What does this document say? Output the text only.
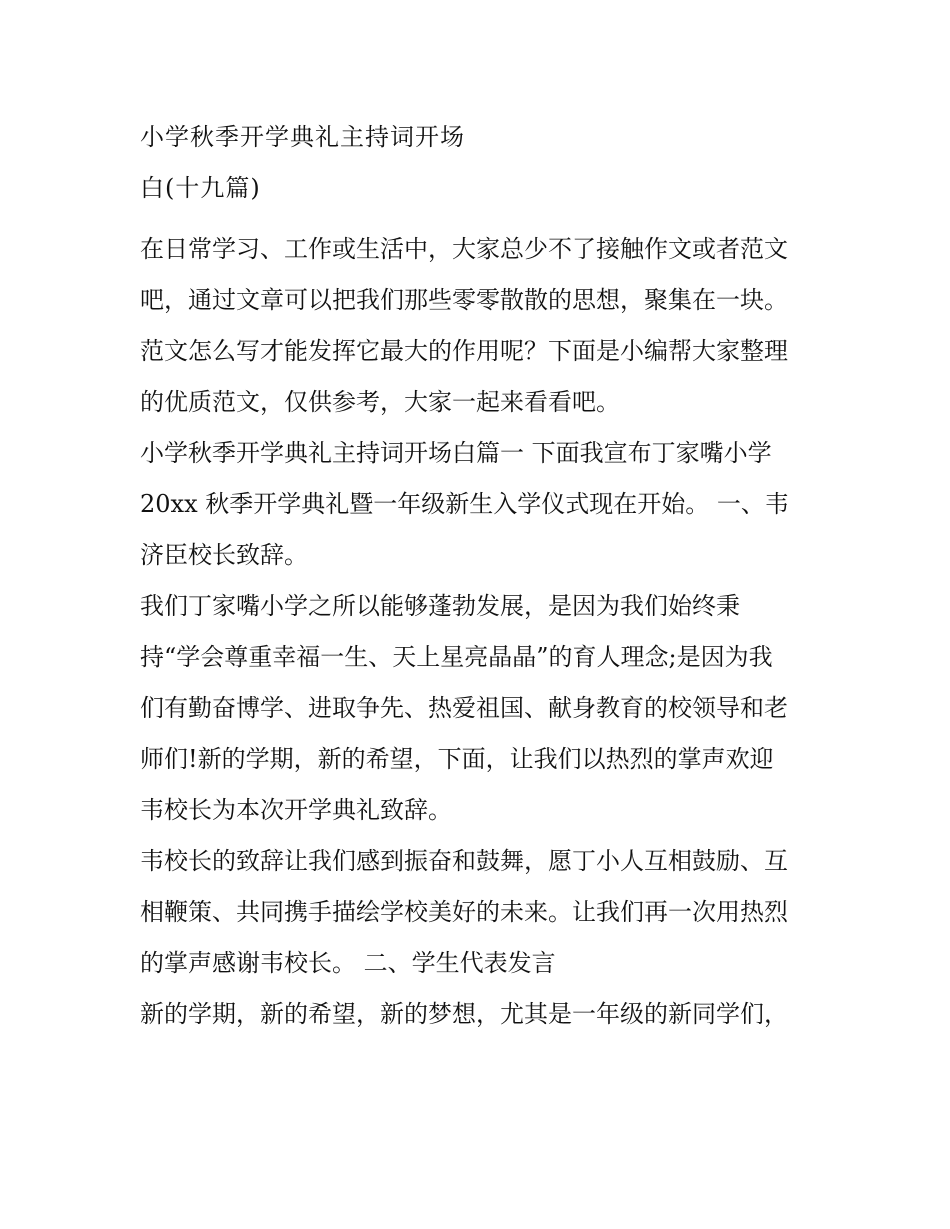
小学秋季开学典礼主持词开场
白(十九篇)
在日常学习、工作或生活中，大家总少不了接触作文或者范文
吧，通过文章可以把我们那些零零散散的思想，聚集在一块。
范文怎么写才能发挥它最大的作用呢？下面是小编帮大家整理
的优质范文，仅供参考，大家一起来看看吧。
小学秋季开学典礼主持词开场白篇一 下面我宣布丁家嘴小学
20xx 秋季开学典礼暨一年级新生入学仪式现在开始。 一、韦
济臣校长致辞。
我们丁家嘴小学之所以能够蓬勃发展，是因为我们始终秉
持“学会尊重幸福一生、天上星亮晶晶”的育人理念;是因为我
们有勤奋博学、进取争先、热爱祖国、献身教育的校领导和老
师们!新的学期，新的希望，下面，让我们以热烈的掌声欢迎
韦校长为本次开学典礼致辞。
韦校长的致辞让我们感到振奋和鼓舞，愿丁小人互相鼓励、互
相鞭策、共同携手描绘学校美好的未来。让我们再一次用热烈
的掌声感谢韦校长。 二、学生代表发言
新的学期，新的希望，新的梦想，尤其是一年级的新同学们，
